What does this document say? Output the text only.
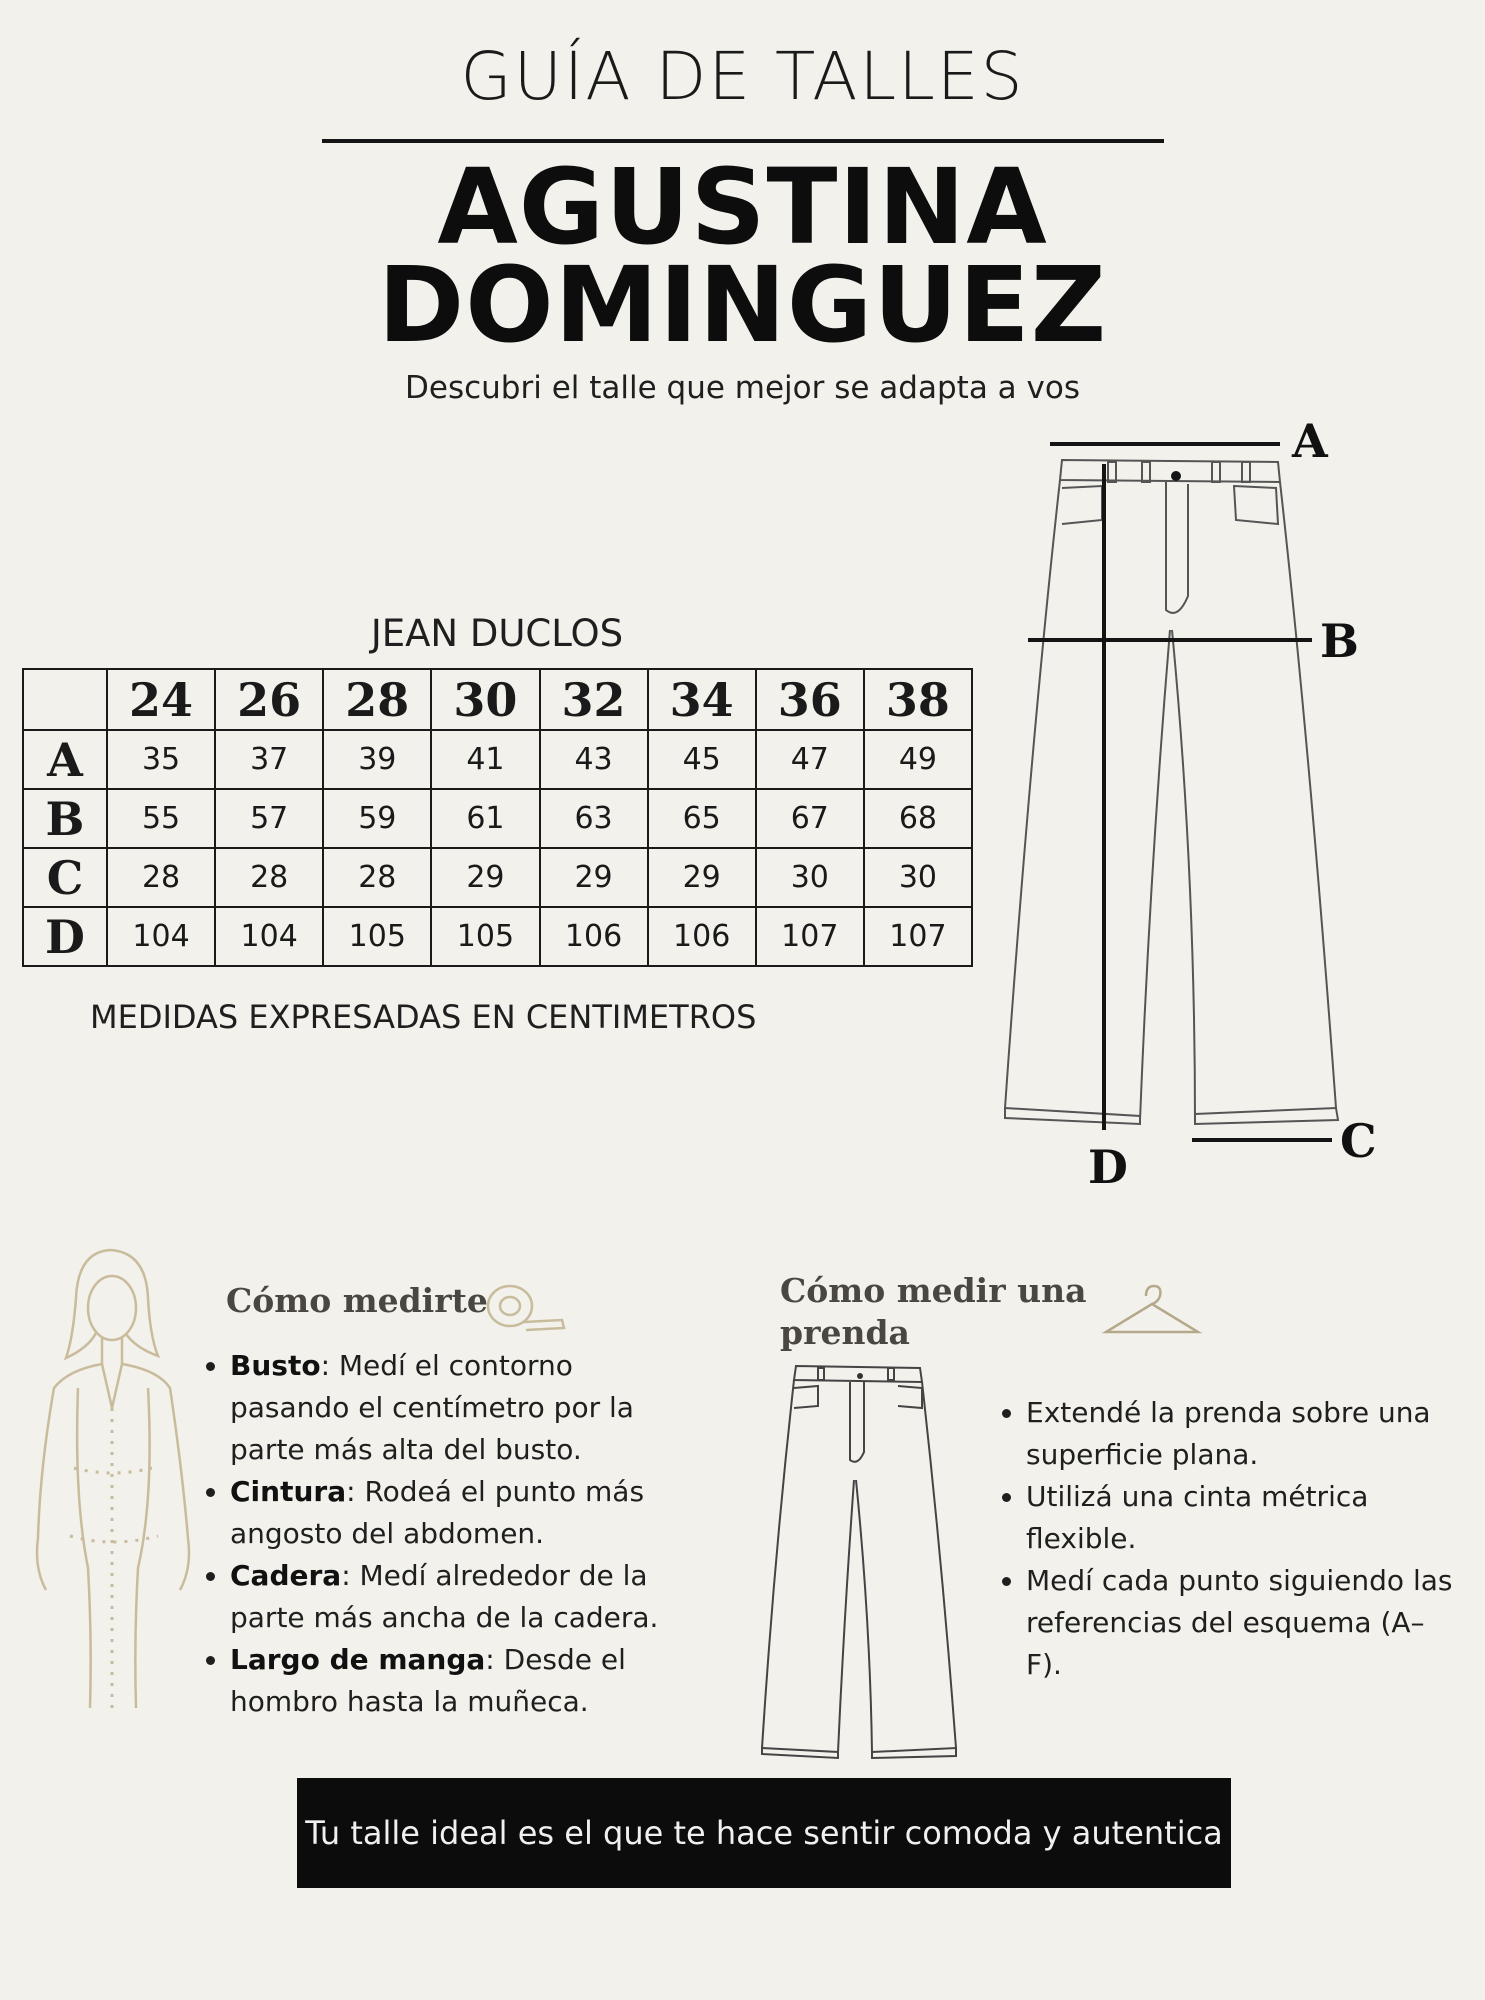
GUÍA DE TALLES
AGUSTINA
DOMINGUEZ
Descubri el talle que mejor se adapta a vos
JEAN DUCLOS
	24	26	28	30	32	34	36	38
A	35	37	39	41	43	45	47	49
B	55	57	59	61	63	65	67	68
C	28	28	28	29	29	29	30	30
D	104	104	105	105	106	106	107	107
MEDIDAS EXPRESADAS EN CENTIMETROS
A
B
C
D
Cómo medirte
• Busto: Medí el contorno pasando el centímetro por la parte más alta del busto.
• Cintura: Rodeá el punto más angosto del abdomen.
• Cadera: Medí alrededor de la parte más ancha de la cadera.
• Largo de manga: Desde el hombro hasta la muñeca.
Cómo medir una
prenda
• Extendé la prenda sobre una superficie plana.
• Utilizá una cinta métrica flexible.
• Medí cada punto siguiendo las referencias del esquema (A–F).
Tu talle ideal es el que te hace sentir comoda y autentica
